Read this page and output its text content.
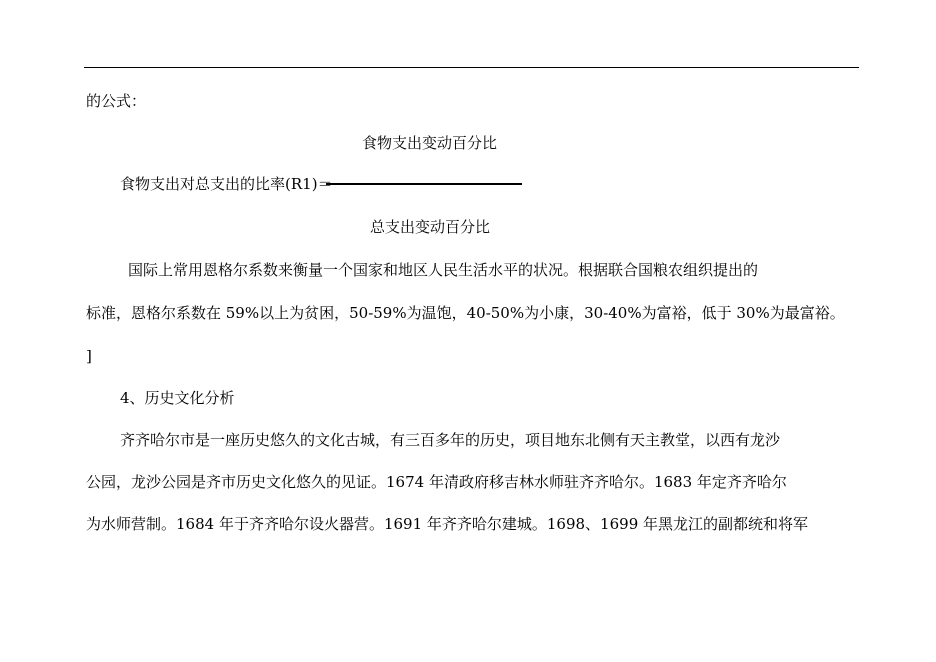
的公式：
食物支出变动百分比
食物支出对总支出的比率(R1)＝
总支出变动百分比
国际上常用恩格尔系数来衡量一个国家和地区人民生活水平的状况。根据联合国粮农组织提出的
标准，恩格尔系数在 59%以上为贫困，50-59%为温饱，40-50%为小康，30-40%为富裕，低于 30%为最富裕。
]
4、历史文化分析
齐齐哈尔市是一座历史悠久的文化古城，有三百多年的历史，项目地东北侧有天主教堂，以西有龙沙
公园，龙沙公园是齐市历史文化悠久的见证。1674 年清政府移吉林水师驻齐齐哈尔。1683 年定齐齐哈尔
为水师营制。1684 年于齐齐哈尔设火器营。1691 年齐齐哈尔建城。1698、1699 年黑龙江的副都统和将军
